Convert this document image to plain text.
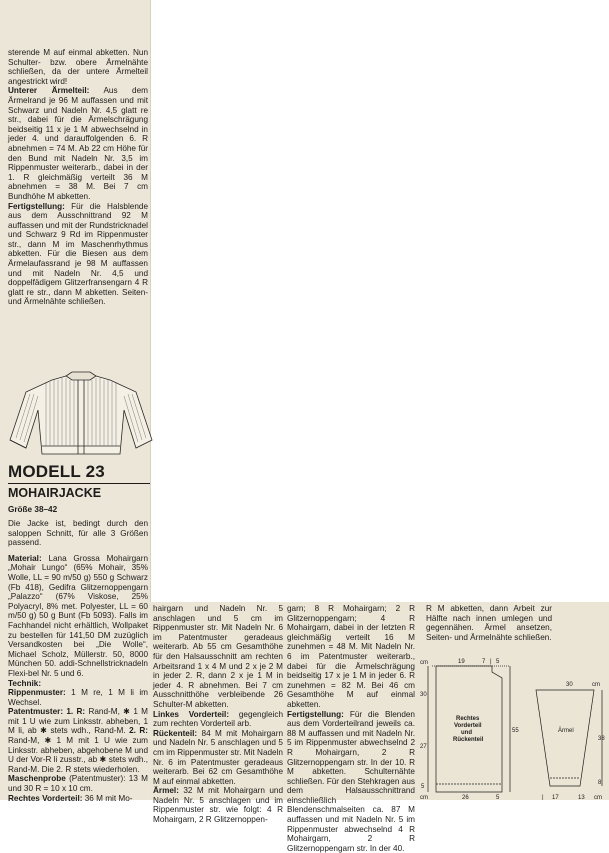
sterende M auf einmal abketten. Nun Schulter- bzw. obere Ärmelnähte schließen, da der untere Ärmelteil angestrickt wird!

Unterer Ärmelteil: Aus dem Ärmelrand je 96 M auffassen und mit Schwarz und Nadeln Nr. 4,5 glatt re str., dabei für die Ärmelschrägung beidseitig 11 x je 1 M abwechselnd in jeder 4. und darauffolgenden 6. R abnehmen = 74 M. Ab 22 cm Höhe für den Bund mit Nadeln Nr. 3,5 im Rippenmuster weiterarb., dabei in der 1. R gleichmäßig verteilt 36 M abnehmen = 38 M. Bei 7 cm Bundhöhe M abketten.

Fertigstellung: Für die Halsblende aus dem Ausschnittrand 92 M auffassen und mit der Rundstricknadel und Schwarz 9 Rd im Rippenmuster str., dann M im Maschenrhythmus abketten. Für die Biesen aus dem Ärmelaufassrand je 98 M auffassen und mit Nadeln Nr. 4,5 und doppelfädigem Glitzerfransengarn 4 R glatt re str., dann M abketten. Seiten- und Ärmelnähte schließen.

MODELL 23
MOHAIRJACKE
Größe 38–42

Die Jacke ist, bedingt durch den saloppen Schnitt, für alle 3 Größen passend.

Material: Lana Grossa Mohairgarn „Mohair Lungo“ (65% Mohair, 35% Wolle, LL = 90 m/50 g) 550 g Schwarz (Fb 418), Gedifra Glitzernoppengarn „Palazzo“ (67% Viskose, 25% Polyacryl, 8% met. Polyester, LL = 60 m/50 g) 50 g Bunt (Fb 5093). Falls im Fachhandel nicht erhältlich, Wollpaket zu bestellen für 141,50 DM zuzüglich Versandkosten bei „Die Wolle“, Michael Scholz, Müllerstr. 50, 8000 München 50. addi-Schnellstricknadeln Flexi-bel Nr. 5 und 6.

Technik:

Rippenmuster: 1 M re, 1 M li im Wechsel.

Patentmuster: 1. R: Rand-M, ✱ 1 M mit 1 U wie zum Linksstr. abheben, 1 M li, ab ✱ stets wdh., Rand-M. 2. R: Rand-M, ✱ 1 M mit 1 U wie zum Linksstr. abheben, abgehobene M und U der Vor-R li zusstr., ab ✱ stets wdh., Rand-M. Die 2. R stets wiederholen.

Maschenprobe (Patentmuster): 13 M und 30 R = 10 x 10 cm.

Rechtes Vorderteil: 36 M mit Mo-

hairgarn und Nadeln Nr. 5 anschlagen und 5 cm im Rippenmuster str. Mit Nadeln Nr. 6 im Patentmuster geradeaus weiterarb. Ab 55 cm Gesamthöhe für den Halsausschnitt am rechten Arbeitsrand 1 x 4 M und 2 x je 2 M in jeder 2. R, dann 2 x je 1 M in jeder 4. R abnehmen. Bei 7 cm Ausschnitthöhe verbleibende 26 Schulter-M abketten.

Linkes Vorderteil: gegengleich zum rechten Vorderteil arb.

Rückenteil: 84 M mit Mohairgarn und Nadeln Nr. 5 anschlagen und 5 cm im Rippenmuster str. Mit Nadeln Nr. 6 im Patentmuster geradeaus weiterarb. Bei 62 cm Gesamthöhe M auf einmal abketten.

Ärmel: 32 M mit Mohairgarn und Nadeln Nr. 5 anschlagen und im Rippenmuster str. wie folgt: 4 R Mohairgarn, 2 R Glitzernoppen-

garn; 8 R Mohairgarn; 2 R Glitzernoppengarn; 4 R Mohairgarn, dabei in der letzten R gleichmäßig verteilt 16 M zunehmen = 48 M. Mit Nadeln Nr. 6 im Patentmuster weiterarb., dabei für die Ärmelschrägung beidseitig 17 x je 1 M in jeder 6. R zunehmen = 82 M. Bei 46 cm Gesamthöhe M auf einmal abketten.

Fertigstellung: Für die Blenden aus dem Vorderteilrand jeweils ca. 88 M auffassen und mit Nadeln Nr. 5 im Rippenmuster abwechselnd 2 R Mohairgarn, 2 R Glitzernoppengarn str. In der 10. R M abketten. Schulternähte schließen. Für den Stehkragen aus dem Halsausschnittrand einschließlich Blendenschmalseiten ca. 87 M auffassen und mit Nadeln Nr. 5 im Rippenmuster abwechselnd 4 R Mohairgarn, 2 R Glitzernoppengarn str. In der 40.

R M abketten, dann Arbeit zur Hälfte nach innen umlegen und gegennähen. Ärmel ansetzen, Seiten- und Ärmelnähte schließen.

cm	19	7 | 5
30
27
5
55
Rechtes
Vorderteil
und
Rückenteil
cm	26	5
30	cm
Ärmel
38
8
| 17	13 cm
